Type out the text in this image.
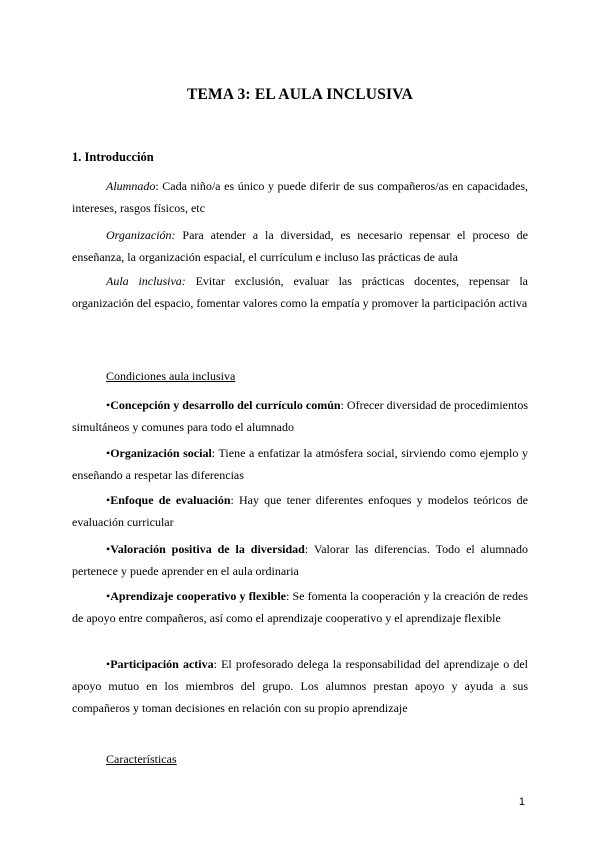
TEMA 3: EL AULA INCLUSIVA
1. Introducción
Alumnado: Cada niño/a es único y puede diferir de sus compañeros/as en capacidades, intereses, rasgos físicos, etc
Organización: Para atender a la diversidad, es necesario repensar el proceso de enseñanza, la organización espacial, el currículum e incluso las prácticas de aula
Aula inclusiva: Evitar exclusión, evaluar las prácticas docentes, repensar la organización del espacio, fomentar valores como la empatía y promover la participación activa
Condiciones aula inclusiva
•Concepción y desarrollo del currículo común: Ofrecer diversidad de procedimientos simultáneos y comunes para todo el alumnado
•Organización social: Tiene a enfatizar la atmósfera social, sirviendo como ejemplo y enseñando a respetar las diferencias
•Enfoque de evaluación: Hay que tener diferentes enfoques y modelos teóricos de evaluación curricular
•Valoración positiva de la diversidad: Valorar las diferencias. Todo el alumnado pertenece y puede aprender en el aula ordinaria
•Aprendizaje cooperativo y flexible: Se fomenta la cooperación y la creación de redes de apoyo entre compañeros, así como el aprendizaje cooperativo y el aprendizaje flexible
•Participación activa: El profesorado delega la responsabilidad del aprendizaje o del apoyo mutuo en los miembros del grupo. Los alumnos prestan apoyo y ayuda a sus compañeros y toman decisiones en relación con su propio aprendizaje
Características
1
